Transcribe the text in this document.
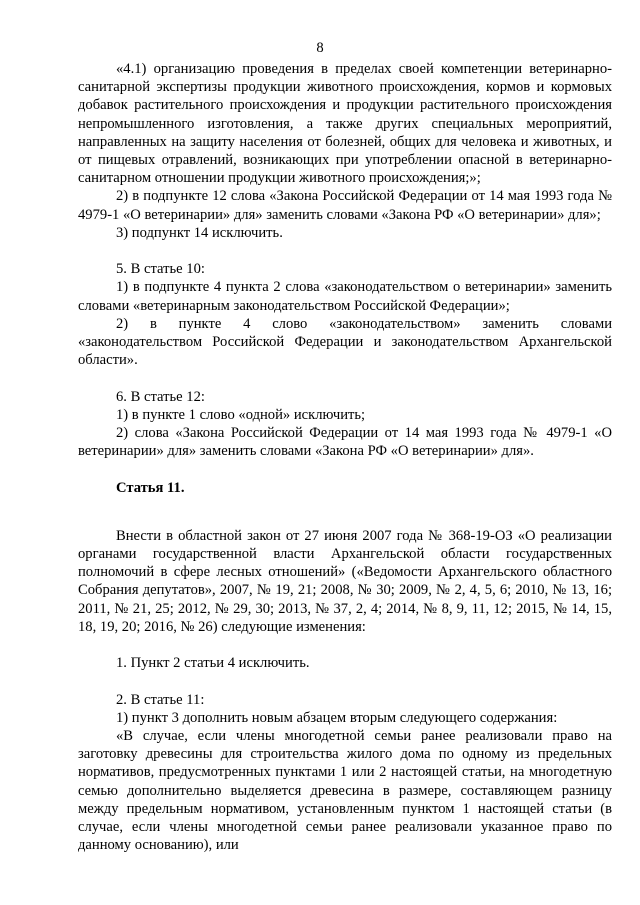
8

«4.1) организацию проведения в пределах своей компетенции ветеринарно-санитарной экспертизы продукции животного происхождения, кормов и кормовых добавок растительного происхождения и продукции растительного происхождения непромышленного изготовления, а также других специальных мероприятий, направленных на защиту населения от болезней, общих для человека и животных, и от пищевых отравлений, возникающих при употреблении опасной в ветеринарно-санитарном отношении продукции животного происхождения;»;

2) в подпункте 12 слова «Закона Российской Федерации от 14 мая 1993 года № 4979-1 «О ветеринарии» для» заменить словами «Закона РФ «О ветеринарии» для»;

3) подпункт 14 исключить.

5. В статье 10:

1) в подпункте 4 пункта 2 слова «законодательством о ветеринарии» заменить словами «ветеринарным законодательством Российской Федерации»;

2) в пункте 4 слово «законодательством» заменить словами «законодательством Российской Федерации и законодательством Архангельской области».

6. В статье 12:

1) в пункте 1 слово «одной» исключить;

2) слова «Закона Российской Федерации от 14 мая 1993 года № 4979-1 «О ветеринарии» для» заменить словами «Закона РФ «О ветеринарии» для».

Статья 11.

Внести в областной закон от 27 июня 2007 года № 368-19-ОЗ «О реализации органами государственной власти Архангельской области государственных полномочий в сфере лесных отношений» («Ведомости Архангельского областного Собрания депутатов», 2007, № 19, 21; 2008, № 30; 2009, № 2, 4, 5, 6; 2010, № 13, 16; 2011, № 21, 25; 2012, № 29, 30; 2013, № 37, 2, 4; 2014, № 8, 9, 11, 12; 2015, № 14, 15, 18, 19, 20; 2016, № 26) следующие изменения:

1. Пункт 2 статьи 4 исключить.

2. В статье 11:

1) пункт 3 дополнить новым абзацем вторым следующего содержания:

«В случае, если члены многодетной семьи ранее реализовали право на заготовку древесины для строительства жилого дома по одному из предельных нормативов, предусмотренных пунктами 1 или 2 настоящей статьи, на многодетную семью дополнительно выделяется древесина в размере, составляющем разницу между предельным нормативом, установленным пунктом 1 настоящей статьи (в случае, если члены многодетной семьи ранее реализовали указанное право по данному основанию), или
